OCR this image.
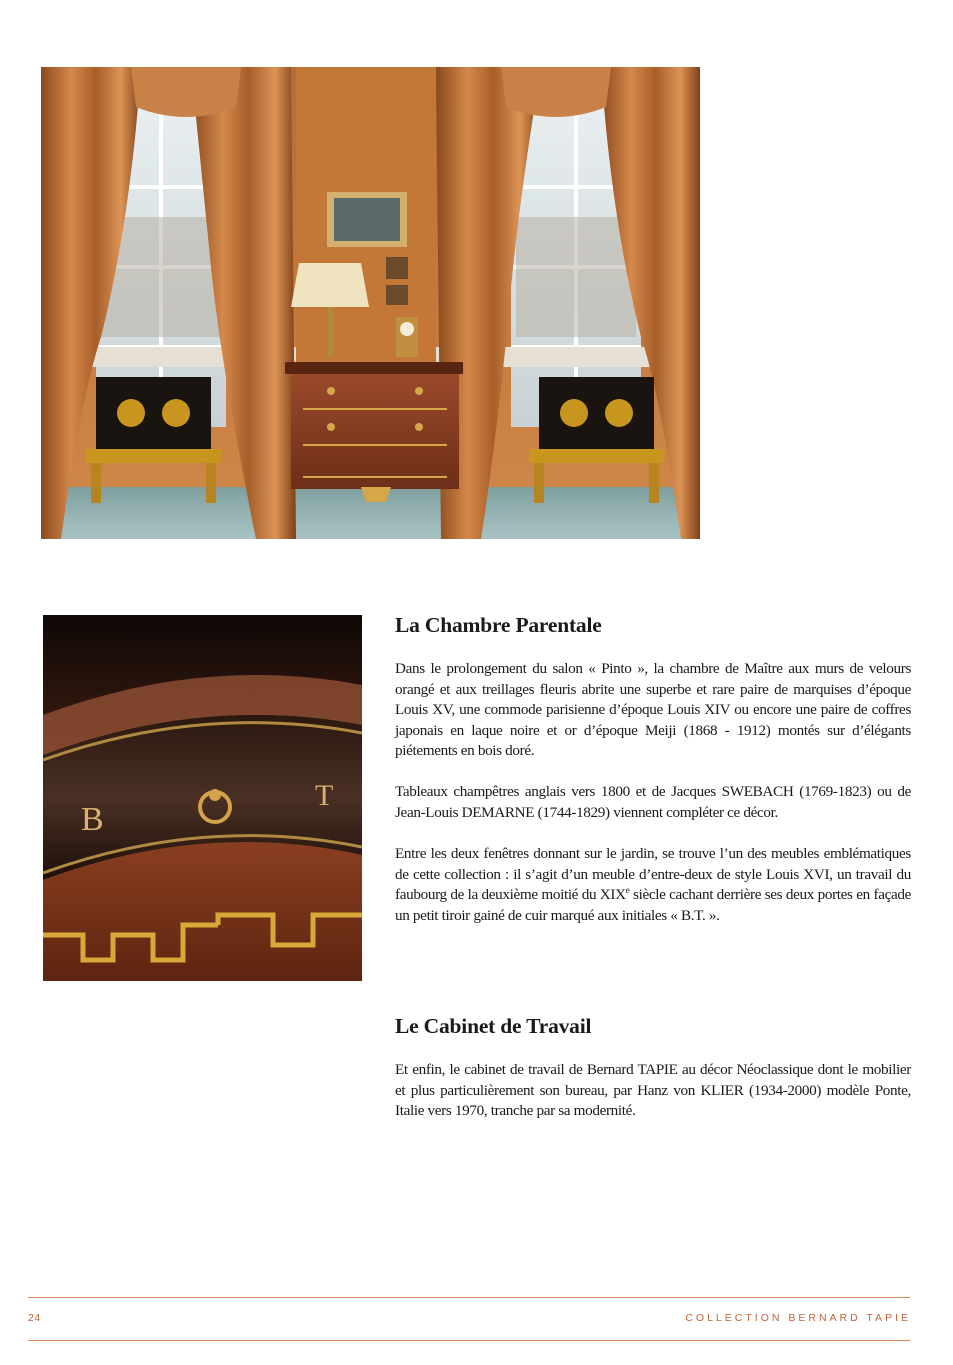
B
T
La Chambre Parentale

Dans le prolongement du salon « Pinto », la chambre de Maître aux murs de velours orangé et aux treillages fleuris abrite une superbe et rare paire de marquises d’époque Louis XV, une commode parisienne d’époque Louis XIV ou encore une paire de coffres japonais en laque noire et or d’époque Meiji (1868 - 1912) montés sur d’élégants piétements en bois doré.

Tableaux champêtres anglais vers 1800 et de Jacques SWEBACH (1769-1823) ou de Jean-Louis DEMARNE (1744-1829) viennent compléter ce décor.

Entre les deux fenêtres donnant sur le jardin, se trouve l’un des meubles emblématiques de cette collection : il s’agit d’un meuble d’entre-deux de style Louis XVI, un travail du faubourg de la deuxième moitié du XIXe siècle cachant derrière ses deux portes en façade un petit tiroir gainé de cuir marqué aux initiales « B.T. ».

Le Cabinet de Travail

Et enfin, le cabinet de travail de Bernard TAPIE au décor Néoclassique dont le mobilier et plus particulièrement son bureau, par Hanz von KLIER (1934-2000) modèle Ponte, Italie vers 1970, tranche par sa modernité.

24	COLLECTION BERNARD TAPIE
